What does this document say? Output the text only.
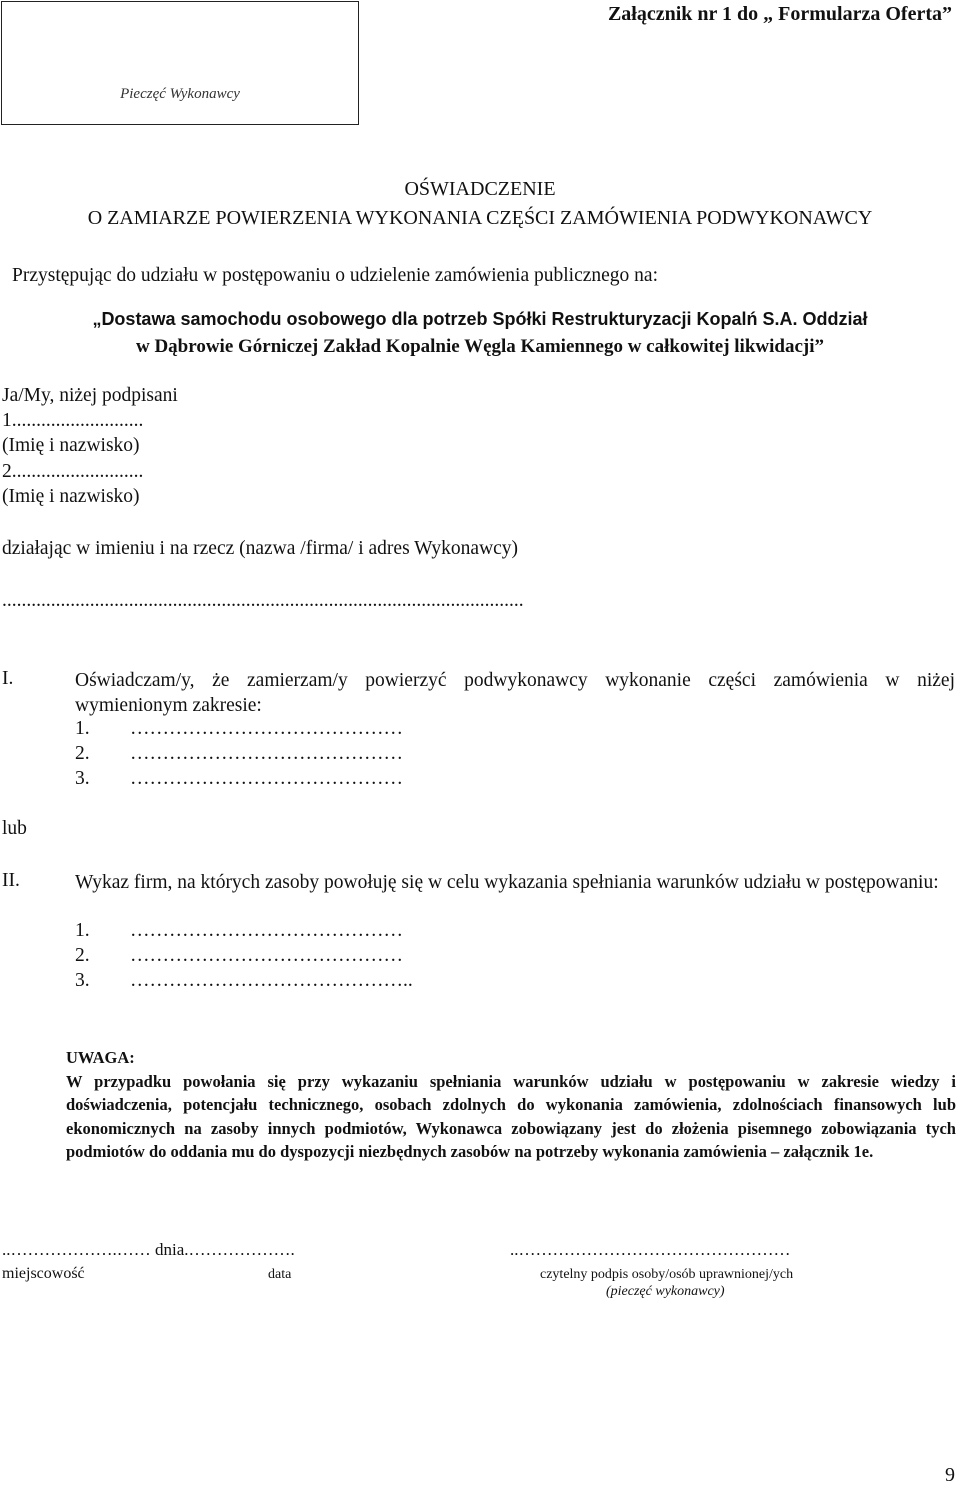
Pieczęć Wykonawcy
Załącznik nr 1 do „ Formularza Oferta”
OŚWIADCZENIE
O ZAMIARZE POWIERZENIA WYKONANIA CZĘŚCI ZAMÓWIENIA PODWYKONAWCY
Przystępując do udziału w postępowaniu o udzielenie zamówienia publicznego na:
„Dostawa samochodu osobowego dla potrzeb Spółki Restrukturyzacji Kopalń S.A. Oddział
w Dąbrowie Górniczej Zakład Kopalnie Węgla Kamiennego w całkowitej likwidacji”
Ja/My, niżej podpisani
1...........................
(Imię i nazwisko)
2...........................
(Imię i nazwisko)
działając w imieniu i na rzecz (nazwa /firma/ i adres Wykonawcy)
...........................................................................................................
I.	Oświadczam/y, że zamierzam/y powierzyć podwykonawcy wykonanie części zamówienia w niżej wymienionym zakresie:
1. ……………………………………
2. ……………………………………
3. ……………………………………
lub
II.	Wykaz firm, na których zasoby powołuję się w celu wykazania spełniania warunków udziału w postępowaniu:
1. ……………………………………
2. ……………………………………
3. ……………………………………..
UWAGA:
W przypadku powołania się przy wykazaniu spełniania warunków udziału w postępowaniu w zakresie wiedzy i doświadczenia, potencjału technicznego, osobach zdolnych do wykonania zamówienia, zdolnościach finansowych lub ekonomicznych na zasoby innych podmiotów, Wykonawca zobowiązany jest do złożenia pisemnego zobowiązania tych podmiotów do oddania mu do dyspozycji niezbędnych zasobów na potrzeby wykonania zamówienia – załącznik 1e.
..……………….…… dnia.……………….	..…………………………………………
miejscowość	data	czytelny podpis osoby/osób uprawnionej/ych
(pieczęć wykonawcy)
9
